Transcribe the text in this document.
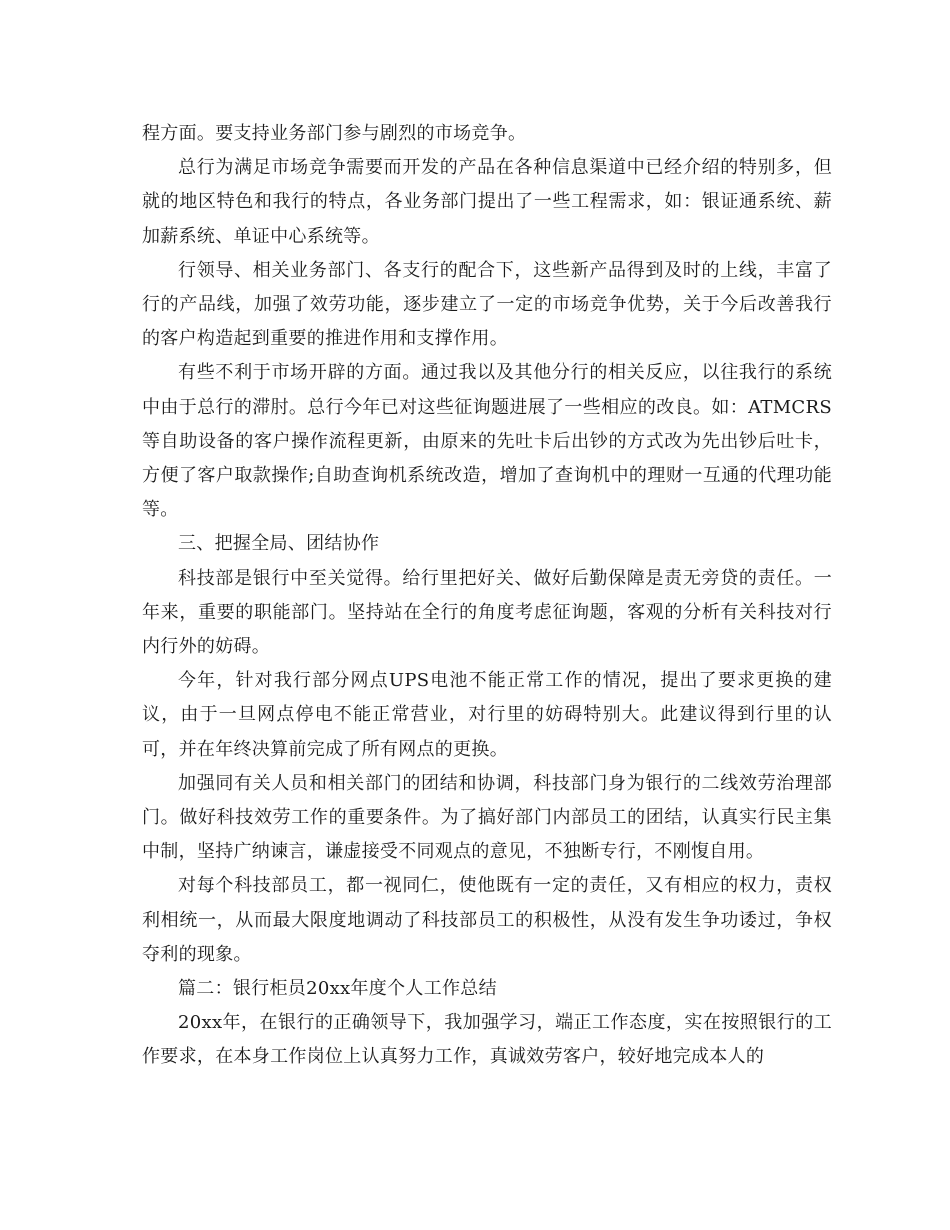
程方面。要支持业务部门参与剧烈的市场竞争。

总行为满足市场竞争需要而开发的产品在各种信息渠道中已经介绍的特别多，但就的地区特色和我行的特点，各业务部门提出了一些工程需求，如：银证通系统、薪加薪系统、单证中心系统等。

行领导、相关业务部门、各支行的配合下，这些新产品得到及时的上线，丰富了行的产品线，加强了效劳功能，逐步建立了一定的市场竞争优势，关于今后改善我行的客户构造起到重要的推进作用和支撑作用。

有些不利于市场开辟的方面。通过我以及其他分行的相关反应，以往我行的系统中由于总行的滞肘。总行今年已对这些征询题进展了一些相应的改良。如：ATMCRS等自助设备的客户操作流程更新，由原来的先吐卡后出钞的方式改为先出钞后吐卡，方便了客户取款操作;自助查询机系统改造，增加了查询机中的理财一互通的代理功能等。

三、把握全局、团结协作

科技部是银行中至关觉得。给行里把好关、做好后勤保障是责无旁贷的责任。一年来，重要的职能部门。坚持站在全行的角度考虑征询题，客观的分析有关科技对行内行外的妨碍。

今年，针对我行部分网点UPS电池不能正常工作的情况，提出了要求更换的建议，由于一旦网点停电不能正常营业，对行里的妨碍特别大。此建议得到行里的认可，并在年终决算前完成了所有网点的更换。

加强同有关人员和相关部门的团结和协调，科技部门身为银行的二线效劳治理部门。做好科技效劳工作的重要条件。为了搞好部门内部员工的团结，认真实行民主集中制，坚持广纳谏言，谦虚接受不同观点的意见，不独断专行，不刚愎自用。

对每个科技部员工，都一视同仁，使他既有一定的责任，又有相应的权力，责权利相统一，从而最大限度地调动了科技部员工的积极性，从没有发生争功诿过，争权夺利的现象。

篇二：银行柜员20xx年度个人工作总结

20xx年，在银行的正确领导下，我加强学习，端正工作态度，实在按照银行的工作要求，在本身工作岗位上认真努力工作，真诚效劳客户，较好地完成本人的
